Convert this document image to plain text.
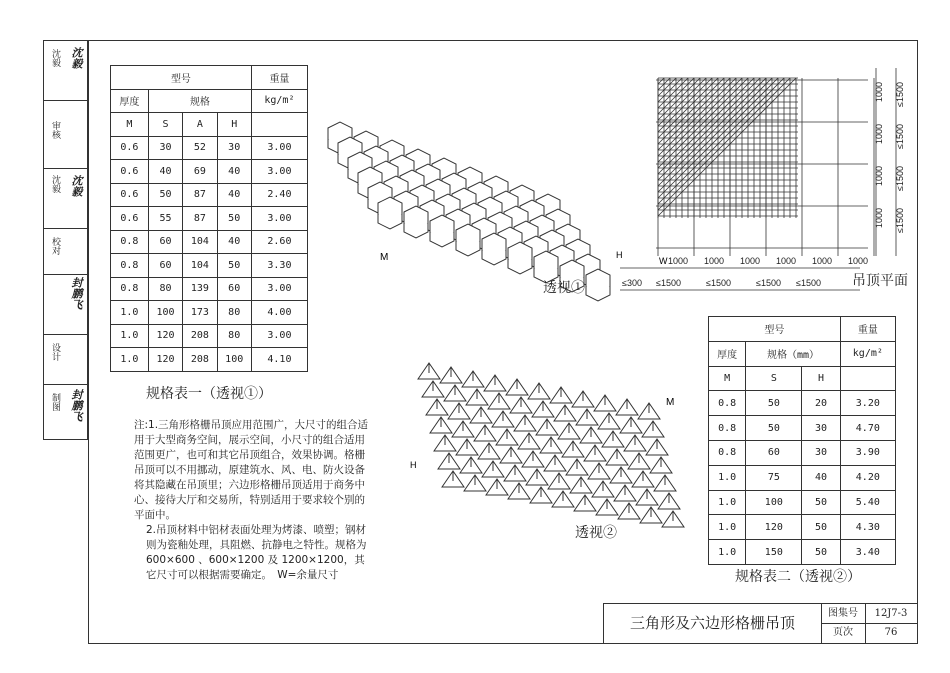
沈毅 沈毅
审核
沈毅 沈毅
校对
封鹏飞
设计
制图 封鹏飞
型号				重量
厚度	规格			kg/m²
M	S	A	H	
0.6	30	52	30	3.00
0.6	40	69	40	3.00
0.6	50	87	40	2.40
0.6	55	87	50	3.00
0.8	60	104	40	2.60
0.8	60	104	50	3.30
0.8	80	139	60	3.00
1.0	100	173	80	4.00
1.0	120	208	80	3.00
1.0	120	208	100	4.10
规格表一（透视①）

注:1.三角形格栅吊顶应用范围广，大尺寸的组合适用于大型商务空间，展示空间，小尺寸的组合适用范围更广，也可和其它吊顶组合，效果协调。格栅吊顶可以不用挪动，原建筑水、风、电、防火设备将其隐藏在吊顶里；六边形格栅吊顶适用于商务中心、接待大厅和交易所，特别适用于要求较个别的平面中。

2.吊顶材料中铝材表面处理为烤漆、喷塑；钢材则为瓷釉处理，具阻燃、抗静电之特性。规格为 600×600 、600×1200 及 1200×1200，其它尺寸可以根据需要确定。　W=余量尺寸

M	H
透视①
M
H
透视②
W 1000 1000 1000 1000 1000 1000
≤300 ≤1500	≤1500	≤1500 ≤1500
1000
1000
1000
1000
≤1500
≤1500
≤1500
≤1500
吊顶平面
型号			重量
厚度	规格（mm）		kg/m²
M	S	H	
0.8	50	20	3.20
0.8	50	30	4.70
0.8	60	30	3.90
1.0	75	40	4.20
1.0	100	50	5.40
1.0	120	50	4.30
1.0	150	50	3.40
规格表二（透视②）
三角形及六边形格栅吊顶
图集号	12J7-3
页次	76
